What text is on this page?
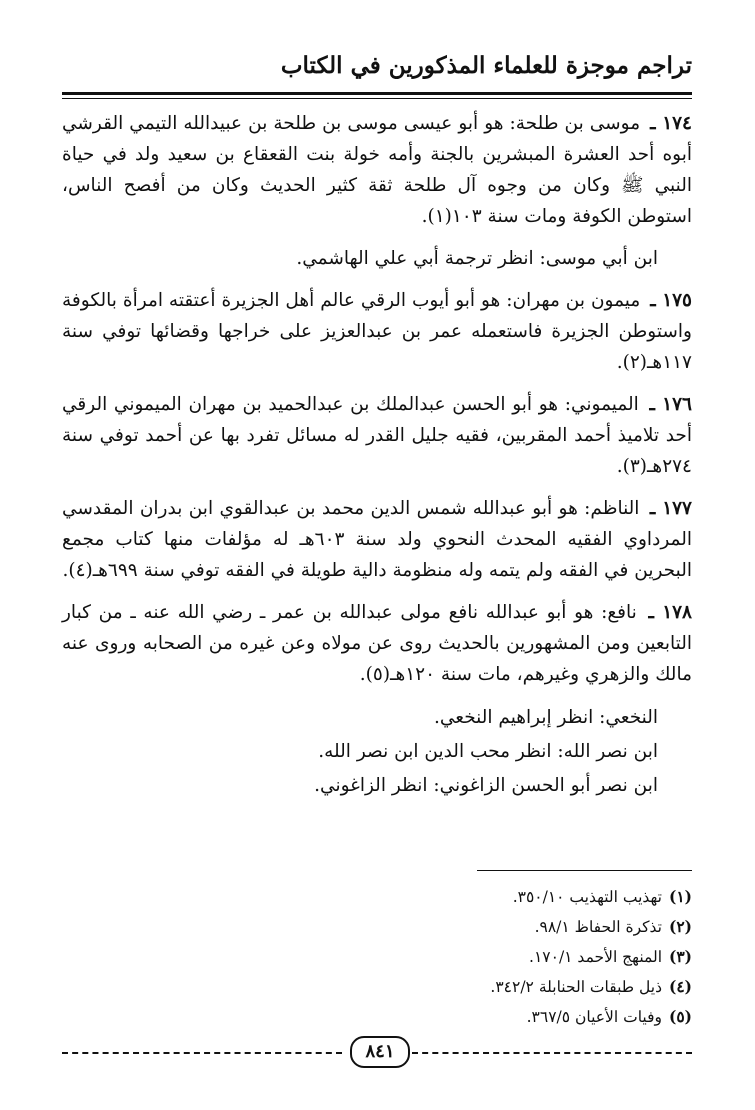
تراجم موجزة للعلماء المذكورين في الكتاب

١٧٤ ـ موسى بن طلحة: هو أبو عيسى موسى بن طلحة بن عبيدالله التيمي القرشي أبوه أحد العشرة المبشرين بالجنة وأمه خولة بنت القعقاع بن سعيد ولد في حياة النبي ﷺ وكان من وجوه آل طلحة ثقة كثير الحديث وكان من أفصح الناس، استوطن الكوفة ومات سنة ١٠٣(١).

ابن أبي موسى: انظر ترجمة أبي علي الهاشمي.

١٧٥ ـ ميمون بن مهران: هو أبو أيوب الرقي عالم أهل الجزيرة أعتقته امرأة بالكوفة واستوطن الجزيرة فاستعمله عمر بن عبدالعزيز على خراجها وقضائها توفي سنة ١١٧هـ(٢).

١٧٦ ـ الميموني: هو أبو الحسن عبدالملك بن عبدالحميد بن مهران الميموني الرقي أحد تلاميذ أحمد المقربين، فقيه جليل القدر له مسائل تفرد بها عن أحمد توفي سنة ٢٧٤هـ(٣).

١٧٧ ـ الناظم: هو أبو عبدالله شمس الدين محمد بن عبدالقوي ابن بدران المقدسي المرداوي الفقيه المحدث النحوي ولد سنة ٦٠٣هـ له مؤلفات منها كتاب مجمع البحرين في الفقه ولم يتمه وله منظومة دالية طويلة في الفقه توفي سنة ٦٩٩هـ(٤).

١٧٨ ـ نافع: هو أبو عبدالله نافع مولى عبدالله بن عمر ـ رضي الله عنه ـ من كبار التابعين ومن المشهورين بالحديث روى عن مولاه وعن غيره من الصحابه وروى عنه مالك والزهري وغيرهم، مات سنة ١٢٠هـ(٥).

النخعي: انظر إبراهيم النخعي.
ابن نصر الله: انظر محب الدين ابن نصر الله.
ابن نصر أبو الحسن الزاغوني: انظر الزاغوني.
(١)تهذيب التهذيب ٣٥٠/١٠.
(٢)تذكرة الحفاظ ٩٨/١.
(٣)المنهج الأحمد ١٧٠/١.
(٤)ذيل طبقات الحنابلة ٣٤٢/٢.
(٥)وفيات الأعيان ٣٦٧/٥.
٨٤١
